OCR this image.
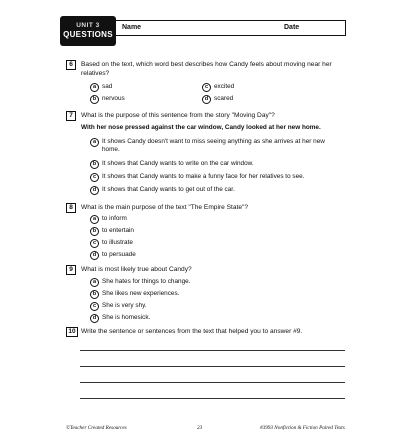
UNIT 3
QUESTIONS
Name	Date
6	Based on the text, which word best describes how Candy feels about moving near her relatives?
a sad	c excited
b nervous	d scared
7	What is the purpose of this sentence from the story "Moving Day"?
With her nose pressed against the car window, Candy looked at her new home.
a It shows Candy doesn't want to miss seeing anything as she arrives at her new home.
b It shows that Candy wants to write on the car window.
c It shows that Candy wants to make a funny face for her relatives to see.
d It shows that Candy wants to get out of the car.
8	What is the main purpose of the text "The Empire State"?
a to inform
b to entertain
c to illustrate
d to persuade
9	What is most likely true about Candy?
a She hates for things to change.
b She likes new experiences.
c She is very shy.
d She is homesick.
10 Write the sentence or sentences from the text that helped you to answer #9.
©Teacher Created Resources	23	#3993 Nonfiction & Fiction Paired Texts
